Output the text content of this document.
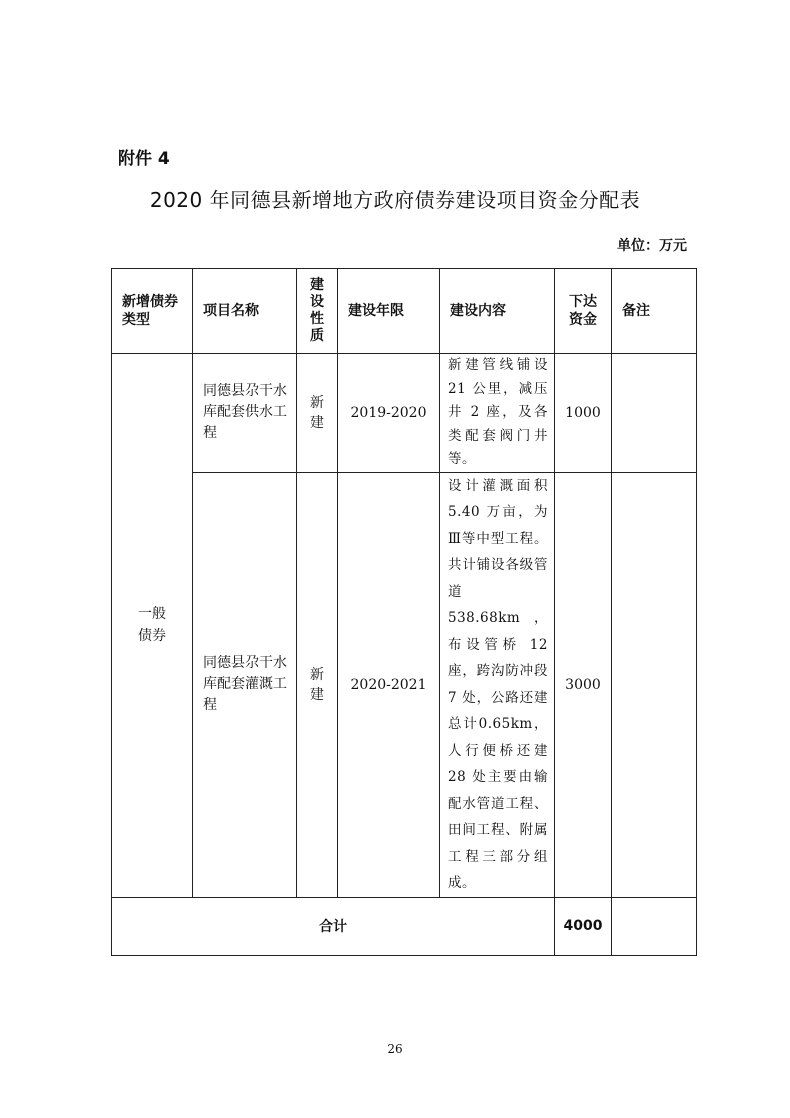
附件 4
2020 年同德县新增地方政府债券建设项目资金分配表
单位：万元
新增债券类型	项目名称	建设性质	建设年限	建设内容	下达资金	备注
一般债券	同德县尕干水库配套供水工程	新建	2019-2020	新建管线铺设21 公里，减压井 2 座，及各类配套阀门井等。	1000	
	同德县尕干水库配套灌溉工程	新建	2020-2021	设计灌溉面积5.40 万亩，为Ⅲ等中型工程。共计铺设各级管道 538.68km，布设管桥 12 座，跨沟防冲段 7 处，公路还建总计0.65km，人行便桥还建 28 处主要由输配水管道工程、田间工程、附属工程三部分组成。	3000	
合计					4000	
26
